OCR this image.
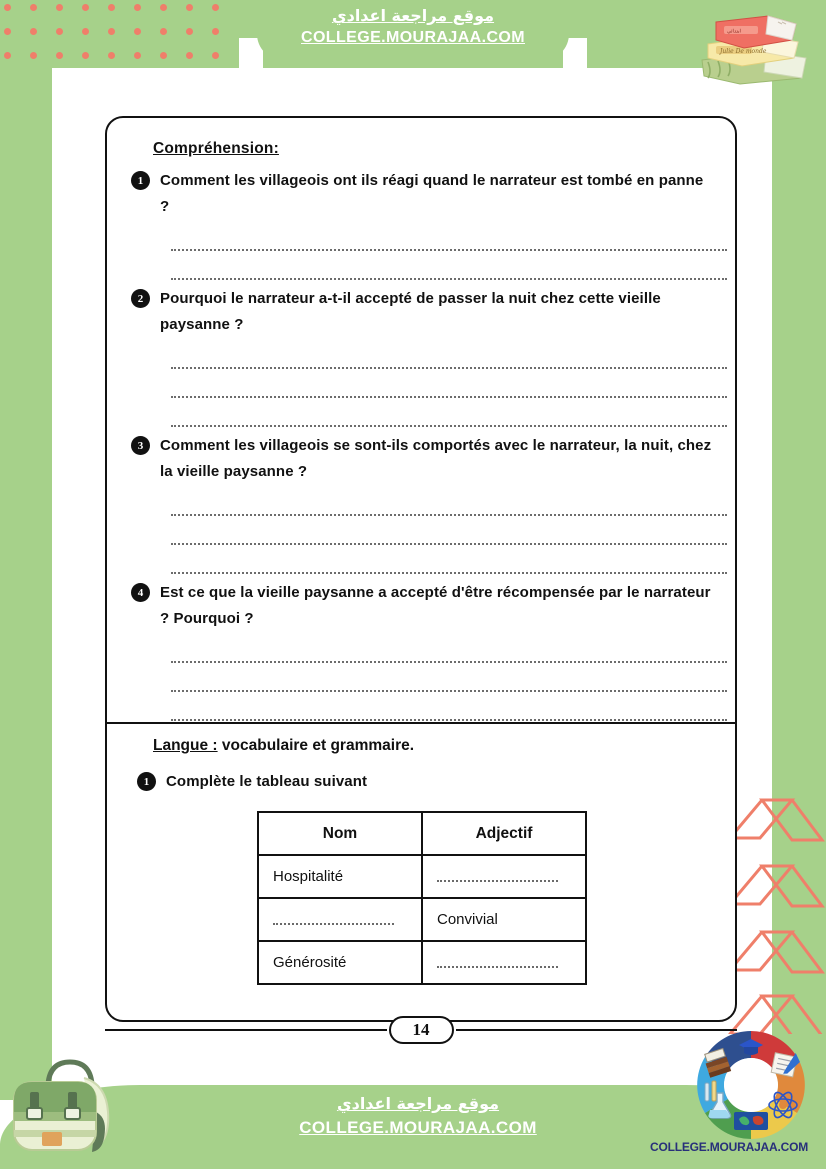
موقع مراجعة اعدادي
COLLEGE.MOURAJAA.COM
Julie De monde
ابتدائي
Compréhension:
1	Comment les villageois ont ils réagi quand le narrateur est tombé en panne ?
2	Pourquoi le narrateur a-t-il accepté de passer la nuit chez cette vieille paysanne ?
3	Comment les villageois se sont-ils comportés avec le narrateur, la nuit, chez la vieille paysanne ?
4	Est ce que la vieille paysanne a accepté d'être récompensée par le narrateur ? Pourquoi ?
Langue : vocabulaire et grammaire.
1	Complète le tableau suivant
Nom	Adjectif
Hospitalité	
	Convivial
Générosité	
14
موقع مراجعة اعدادي
COLLEGE.MOURAJAA.COM
COLLEGE.MOURAJAA.COM
